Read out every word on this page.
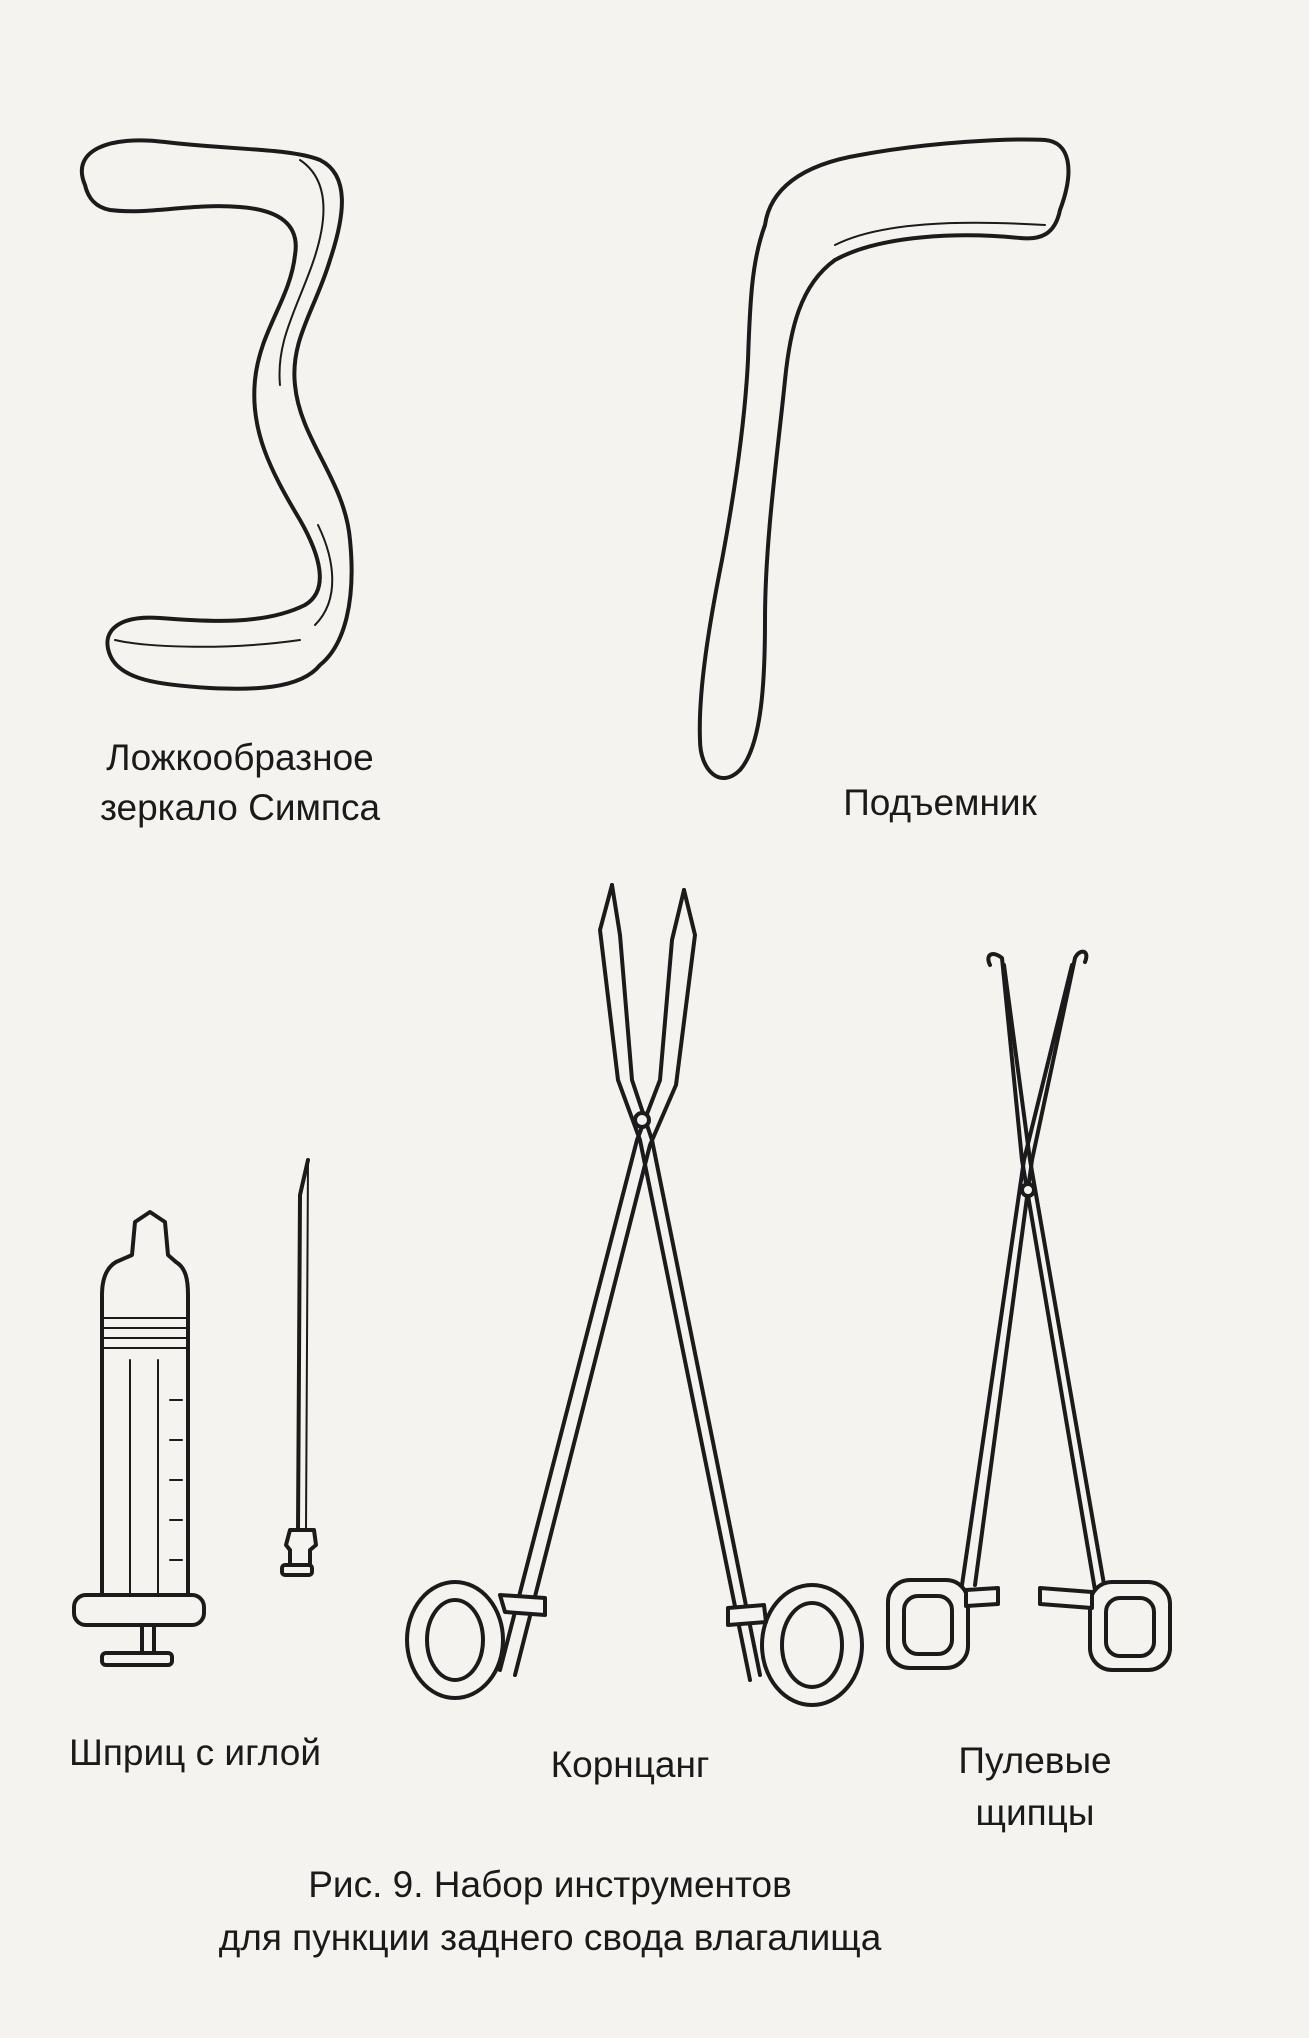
Ложкообразное
зеркало Симпса	Подъемник
Шприц с иглой	Корнцанг	Пулевые
щипцы
Рис. 9. Набор инструментов
для пункции заднего свода влагалища
